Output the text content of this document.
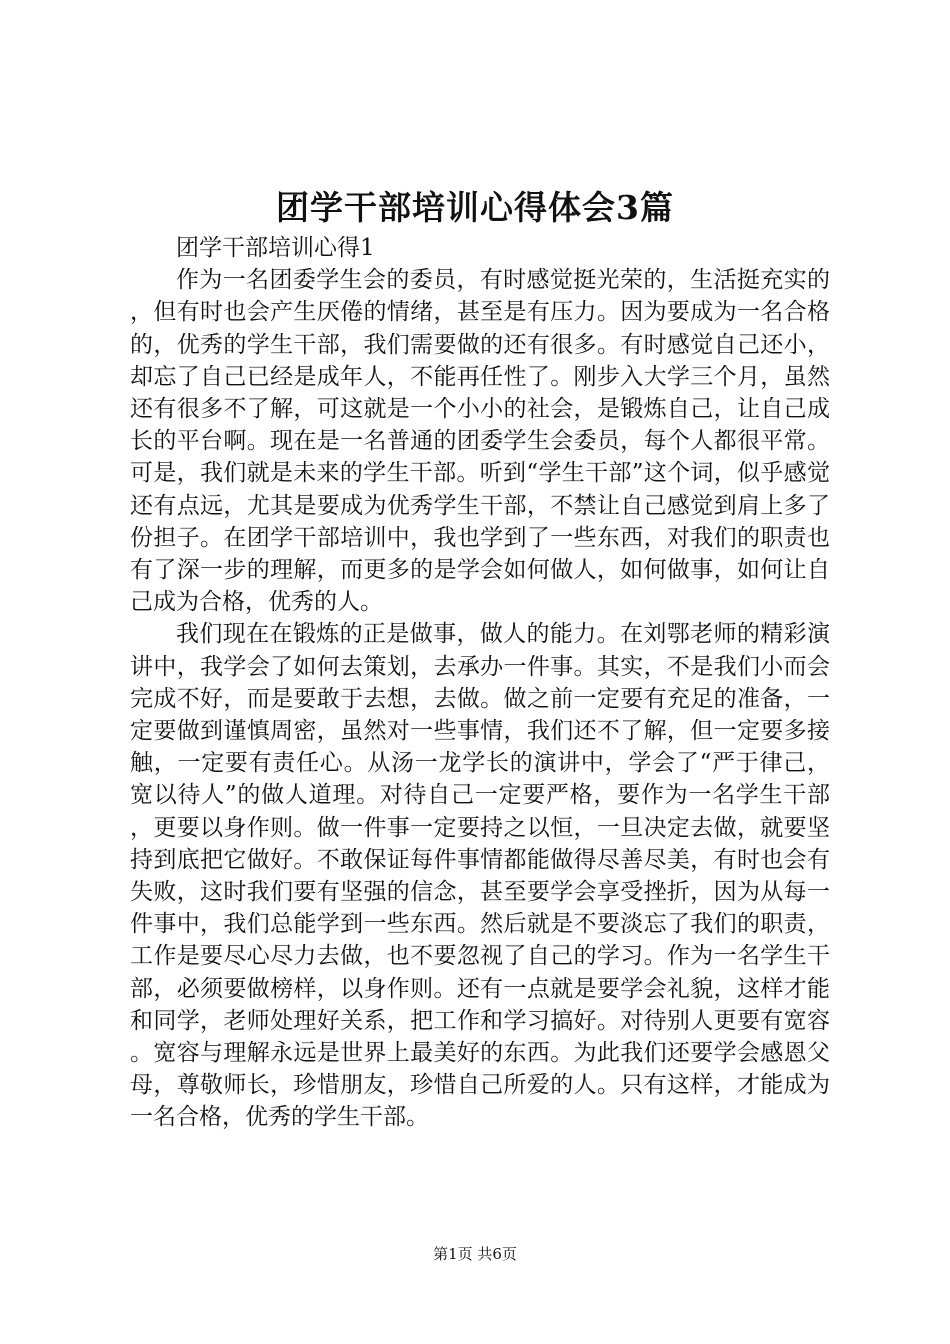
团学干部培训心得体会3篇

团学干部培训心得1

作为一名团委学生会的委员，有时感觉挺光荣的，生活挺充实的，但有时也会产生厌倦的情绪，甚至是有压力。因为要成为一名合格的，优秀的学生干部，我们需要做的还有很多。有时感觉自己还小，却忘了自己已经是成年人，不能再任性了。刚步入大学三个月，虽然还有很多不了解，可这就是一个小小的社会，是锻炼自己，让自己成长的平台啊。现在是一名普通的团委学生会委员，每个人都很平常。可是，我们就是未来的学生干部。听到“学生干部”这个词，似乎感觉还有点远，尤其是要成为优秀学生干部，不禁让自己感觉到肩上多了份担子。在团学干部培训中，我也学到了一些东西，对我们的职责也有了深一步的理解，而更多的是学会如何做人，如何做事，如何让自己成为合格，优秀的人。

我们现在在锻炼的正是做事，做人的能力。在刘鄂老师的精彩演讲中，我学会了如何去策划，去承办一件事。其实，不是我们小而会完成不好，而是要敢于去想，去做。做之前一定要有充足的准备，一定要做到谨慎周密，虽然对一些事情，我们还不了解，但一定要多接触，一定要有责任心。从汤一龙学长的演讲中，学会了“严于律己，宽以待人”的做人道理。对待自己一定要严格，要作为一名学生干部，更要以身作则。做一件事一定要持之以恒，一旦决定去做，就要坚持到底把它做好。不敢保证每件事情都能做得尽善尽美，有时也会有失败，这时我们要有坚强的信念，甚至要学会享受挫折，因为从每一件事中，我们总能学到一些东西。然后就是不要淡忘了我们的职责，工作是要尽心尽力去做，也不要忽视了自己的学习。作为一名学生干部，必须要做榜样，以身作则。还有一点就是要学会礼貌，这样才能和同学，老师处理好关系，把工作和学习搞好。对待别人更要有宽容。宽容与理解永远是世界上最美好的东西。为此我们还要学会感恩父母，尊敬师长，珍惜朋友，珍惜自己所爱的人。只有这样，才能成为一名合格，优秀的学生干部。

第1页 共6页
